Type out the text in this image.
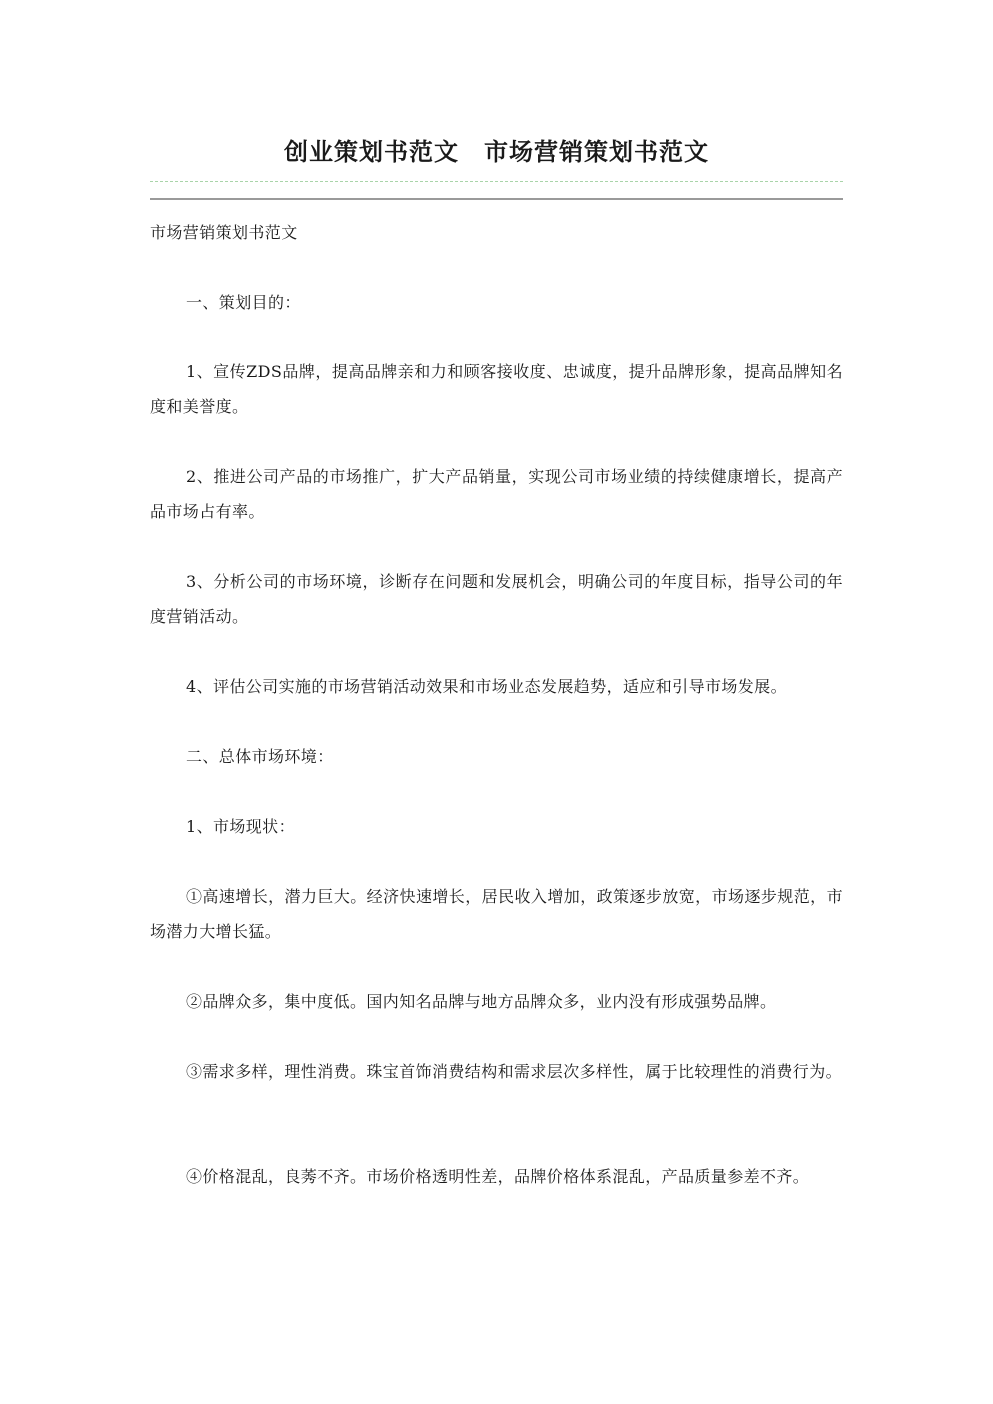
创业策划书范文　市场营销策划书范文

市场营销策划书范文

一、策划目的：

1、宣传ZDS品牌，提高品牌亲和力和顾客接收度、忠诚度，提升品牌形象，提高品牌知名度和美誉度。

2、推进公司产品的市场推广，扩大产品销量，实现公司市场业绩的持续健康增长，提高产品市场占有率。

3、分析公司的市场环境，诊断存在问题和发展机会，明确公司的年度目标，指导公司的年度营销活动。

4、评估公司实施的市场营销活动效果和市场业态发展趋势，适应和引导市场发展。

二、总体市场环境：

1、市场现状：

①高速增长，潜力巨大。经济快速增长，居民收入增加，政策逐步放宽，市场逐步规范，市场潜力大增长猛。

②品牌众多，集中度低。国内知名品牌与地方品牌众多，业内没有形成强势品牌。

③需求多样，理性消费。珠宝首饰消费结构和需求层次多样性，属于比较理性的消费行为。

④价格混乱，良莠不齐。市场价格透明性差，品牌价格体系混乱，产品质量参差不齐。
